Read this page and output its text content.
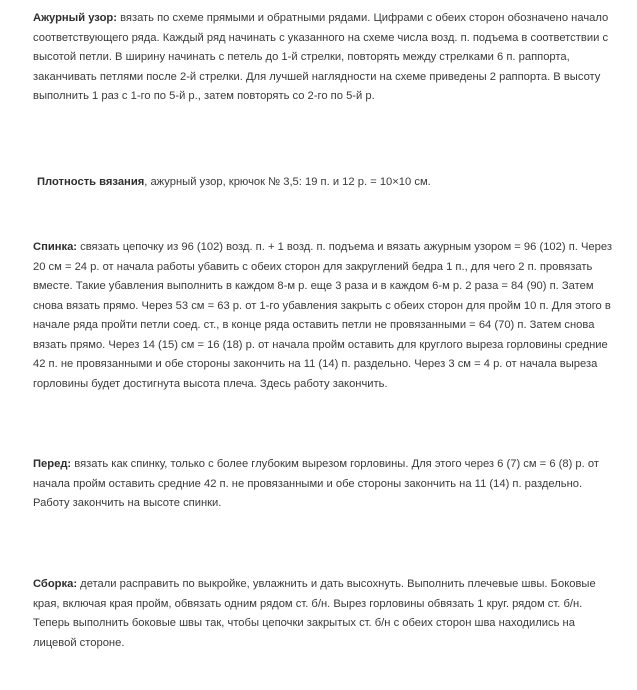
Ажурный узор: вязать по схеме прямыми и обратными рядами. Цифрами с обеих сторон обозначено начало соответствующего ряда. Каждый ряд начинать с указанного на схеме числа возд. п. подъема в соответствии с высотой петли. В ширину начинать с петель до 1-й стрелки, повторять между стрелками 6 п. раппорта, заканчивать петлями после 2-й стрелки. Для лучшей наглядности на схеме приведены 2 раппорта. В высоту выполнить 1 раз с 1-го по 5-й р., затем повторять со 2-го по 5-й р.

Плотность вязания, ажурный узор, крючок № 3,5: 19 п. и 12 р. = 10×10 см.

Спинка: связать цепочку из 96 (102) возд. п. + 1 возд. п. подъема и вязать ажурным узором = 96 (102) п. Через 20 см = 24 р. от начала работы убавить с обеих сторон для закруглений бедра 1 п., для чего 2 п. провязать вместе. Такие убавления выполнить в каждом 8-м р. еще 3 раза и в каждом 6-м р. 2 раза = 84 (90) п. Затем снова вязать прямо. Через 53 см = 63 р. от 1-го убавления закрыть с обеих сторон для пройм 10 п. Для этого в начале ряда пройти петли соед. ст., в конце ряда оставить петли не провязанными = 64 (70) п. Затем снова вязать прямо. Через 14 (15) см = 16 (18) р. от начала пройм оставить для круглого выреза горловины средние 42 п. не провязанными и обе стороны закончить на 11 (14) п. раздельно. Через 3 см = 4 р. от начала выреза горловины будет достигнута высота плеча. Здесь работу закончить.

Перед: вязать как спинку, только с более глубоким вырезом горловины. Для этого через 6 (7) см = 6 (8) р. от начала пройм оставить средние 42 п. не провязанными и обе стороны закончить на 11 (14) п. раздельно. Работу закончить на высоте спинки.

Сборка: детали расправить по выкройке, увлажнить и дать высохнуть. Выполнить плечевые швы. Боковые края, включая края пройм, обвязать одним рядом ст. б/н. Вырез горловины обвязать 1 круг. рядом ст. б/н. Теперь выполнить боковые швы так, чтобы цепочки закрытых ст. б/н с обеих сторон шва находились на лицевой стороне.
